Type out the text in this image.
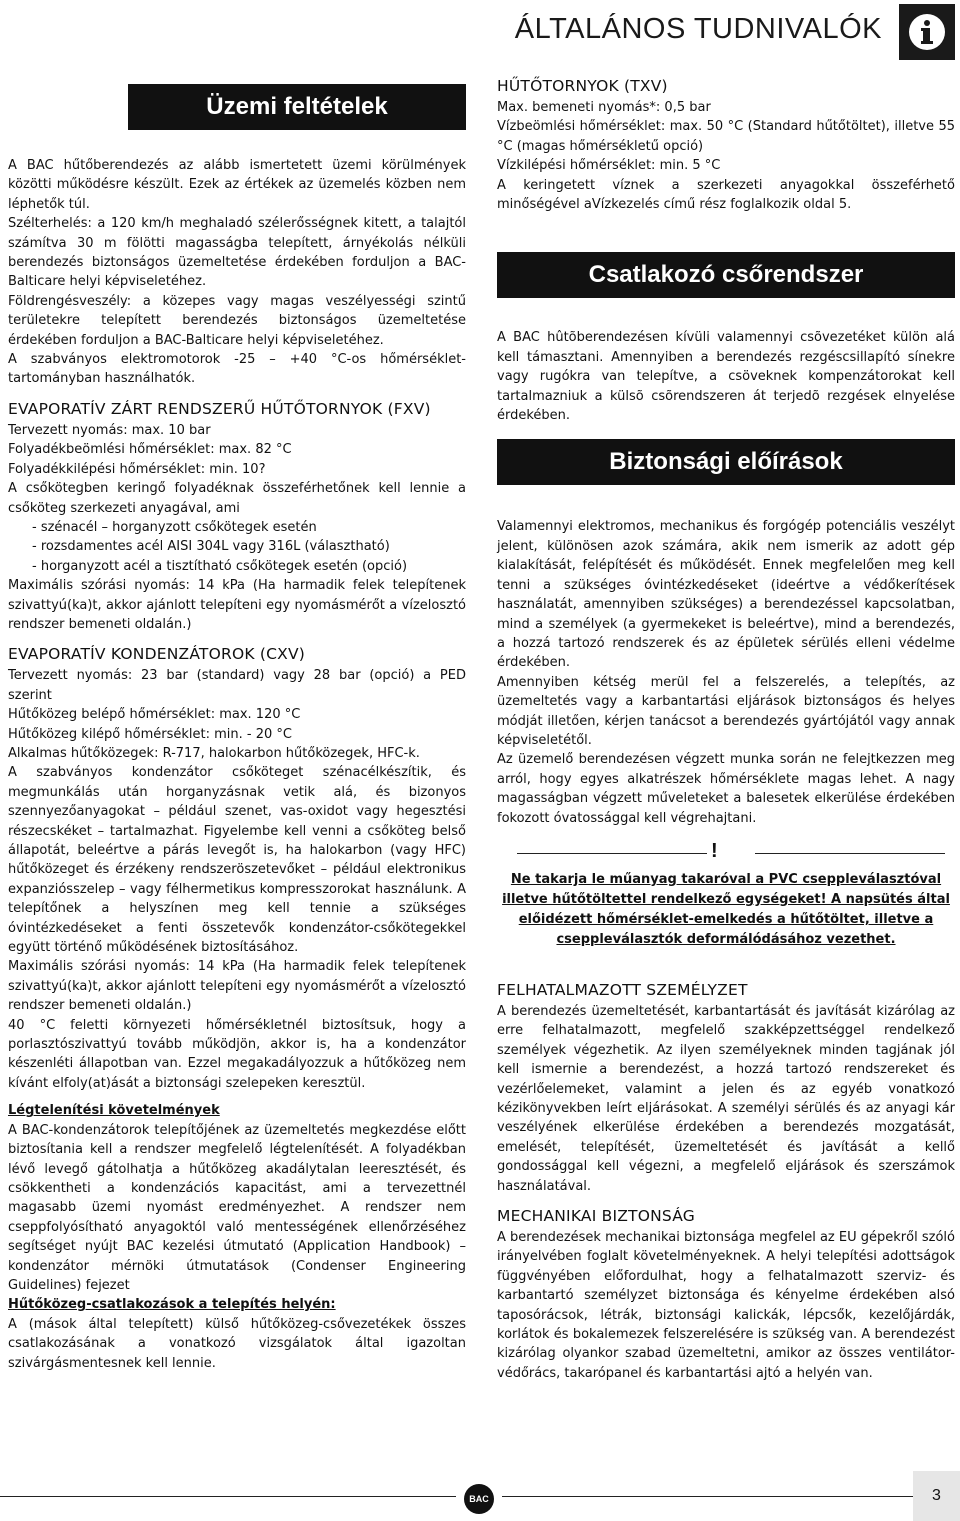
ÁLTALÁNOS TUDNIVALÓK
Üzemi feltételek

A BAC hűtőberendezés az alább ismertetett üzemi körülmények közötti működésre készült. Ezek az értékek az üzemelés közben nem léphetők túl.

Szélterhelés: a 120 km/h meghaladó szélerősségnek kitett, a talajtól számítva 30 m fölötti magasságba telepített, árnyékolás nélküli berendezés biztonságos üzemeltetése érdekében forduljon a BAC-Balticare helyi képviseletéhez.

Földrengésveszély: a közepes vagy magas veszélyességi szintű területekre telepített berendezés biztonságos üzemeltetése érdekében forduljon a BAC-Balticare helyi képviseletéhez.

A szabványos elektromotorok -25 – +40 °C-os hőmérséklet-tartományban használhatók.

EVAPORATÍV ZÁRT RENDSZERŰ HŰTŐTORNYOK (FXV)

Tervezett nyomás: max. 10 bar

Folyadékbeömlési hőmérséklet: max. 82 °C

Folyadékkilépési hőmérséklet: min. 10?

A csőkötegben keringő folyadéknak összeférhetőnek kell lennie a csőköteg szerkezeti anyagával, ami

- szénacél – horganyzott csőkötegek esetén

- rozsdamentes acél AISI 304L vagy 316L (választható)

- horganyzott acél a tisztítható csőkötegek esetén (opció)

Maximális szórási nyomás: 14 kPa (Ha harmadik felek telepítenek szivattyú(ka)t, akkor ajánlott telepíteni egy nyomásmérőt a vízelosztó rendszer bemeneti oldalán.)

EVAPORATÍV KONDENZÁTOROK (CXV)

Tervezett nyomás: 23 bar (standard) vagy 28 bar (opció) a PED szerint

Hűtőközeg belépő hőmérséklet: max. 120 °C

Hűtőközeg kilépő hőmérséklet: min. - 20 °C

Alkalmas hűtőközegek: R-717, halokarbon hűtőközegek, HFC-k.

A szabványos kondenzátor csőköteget szénacélkészítik, és megmunkálás után horganyzásnak vetik alá, és bizonyos szennyezőanyagokat – például szenet, vas-oxidot vagy hegesztési részecskéket – tartalmazhat. Figyelembe kell venni a csőköteg belső állapotát, beleértve a párás levegőt is, ha halokarbon (vagy HFC) hűtőközeget és érzékeny rendszeröszetevőket – például elektronikus expanziósszelep – vagy félhermetikus kompresszorokat használunk. A telepítőnek a helyszínen meg kell tennie a szükséges óvintézkedéseket a fenti összetevők kondenzátor-csőkötegekkel együtt történő működésének biztosításához.

Maximális szórási nyomás: 14 kPa (Ha harmadik felek telepítenek szivattyú(ka)t, akkor ajánlott telepíteni egy nyomásmérőt a vízelosztó rendszer bemeneti oldalán.)

40 °C feletti környezeti hőmérsékletnél biztosítsuk, hogy a porlasztószivattyú tovább működjön, akkor is, ha a kondenzátor készenléti állapotban van. Ezzel megakadályozzuk a hűtőközeg nem kívánt elfoly(at)ását a biztonsági szelepeken keresztül.

Légtelenítési követelmények

A BAC-kondenzátorok telepítőjének az üzemeltetés megkezdése előtt biztosítania kell a rendszer megfelelő légtelenítését. A folyadékban lévő levegő gátolhatja a hűtőközeg akadálytalan leeresztését, és csökkentheti a kondenzációs kapacitást, ami a tervezettnél magasabb üzemi nyomást eredményezhet. A rendszer nem cseppfolyósítható anyagoktól való mentességének ellenőrzéséhez segítséget nyújt BAC kezelési útmutató (Application Handbook) – kondenzátor mérnöki útmutatások (Condenser Engineering Guidelines) fejezet

Hűtőközeg-csatlakozások a telepítés helyén:

A (mások által telepített) külső hűtőközeg-csővezetékek összes csatlakozásának a vonatkozó vizsgálatok által igazoltan szivárgásmentesnek kell lennie.

HŰTŐTORNYOK (TXV)

Max. bemeneti nyomás*: 0,5 bar

Vízbeömlési hőmérséklet: max. 50 °C (Standard hűtőtöltet), illetve 55 °C (magas hőmérsékletű opció)

Vízkilépési hőmérséklet: min. 5 °C

A keringetett víznek a szerkezeti anyagokkal összeférhető minőségével aVízkezelés című rész foglalkozik oldal 5.

Csatlakozó csőrendszer

A BAC hûtõberendezésen kívüli valamennyi csõvezetéket külön alá kell támasztani. Amennyiben a berendezés rezgéscsillapító sínekre vagy rugókra van telepítve, a csöveknek kompenzátorokat kell tartalmazniuk a külsõ csõrendszeren át terjedõ rezgések elnyelése érdekében.

Biztonsági előírások

Valamennyi elektromos, mechanikus és forgógép potenciális veszélyt jelent, különösen azok számára, akik nem ismerik az adott gép kialakítását, felépítését és működését. Ennek megfelelően meg kell tenni a szükséges óvintézkedéseket (ideértve a védőkerítések használatát, amennyiben szükséges) a berendezéssel kapcsolatban, mind a személyek (a gyermekeket is beleértve), mind a berendezés, a hozzá tartozó rendszerek és az épületek sérülés elleni védelme érdekében.

Amennyiben kétség merül fel a felszerelés, a telepítés, az üzemeltetés vagy a karbantartási eljárások biztonságos és helyes módját illetően, kérjen tanácsot a berendezés gyártójától vagy annak képviseletétől.

Az üzemelő berendezésen végzett munka során ne felejtkezzen meg arról, hogy egyes alkatrészek hőmérséklete magas lehet. A nagy magasságban végzett műveleteket a balesetek elkerülése érdekében fokozott óvatossággal kell végrehajtani.

!

Ne takarja le műanyag takaróval a PVC csepplevál​asztóval illetve hűtőtöltettel rendelkező egységeket! A napsütés által előidézett hőmérséklet-emelkedés a hűtőtöltet, illetve a csepplevál​asztók deformálódásához vezethet.

FELHATALMAZOTT SZEMÉLYZET

A berendezés üzemeltetését, karbantartását és javítását kizárólag az erre felhatalmazott, megfelelő szakképzettséggel rendelkező személyek végezhetik. Az ilyen személyeknek minden tagjának jól kell ismernie a berendezést, a hozzá tartozó rendszereket és vezérlőelemeket, valamint a jelen és az egyéb vonatkozó kézikönyvekben leírt eljárásokat. A személyi sérülés és az anyagi kár veszélyének elkerülése érdekében a berendezés mozgatását, emelését, telepítését, üzemeltetését és javítását a kellő gondossággal kell végezni, a megfelelő eljárások és szerszámok használatával.

MECHANIKAI BIZTONSÁG

A berendezések mechanikai biztonsága megfelel az EU gépekről szóló irányelvében foglalt követelményeknek. A helyi telepítési adottságok függvényében előfordulhat, hogy a felhatalmazott szerviz- és karbantartó személyzet biztonsága és kényelme érdekében alsó taposórácsok, létrák, biztonsági kalickák, lépcsők, kezelőjárdák, korlátok és bokalemezek felszerelésére is szükség van. A berendezést kizárólag olyankor szabad üzemeltetni, amikor az összes ventilátor-védőrács, takarópanel és karbantartási ajtó a helyén van.

BAC	3
